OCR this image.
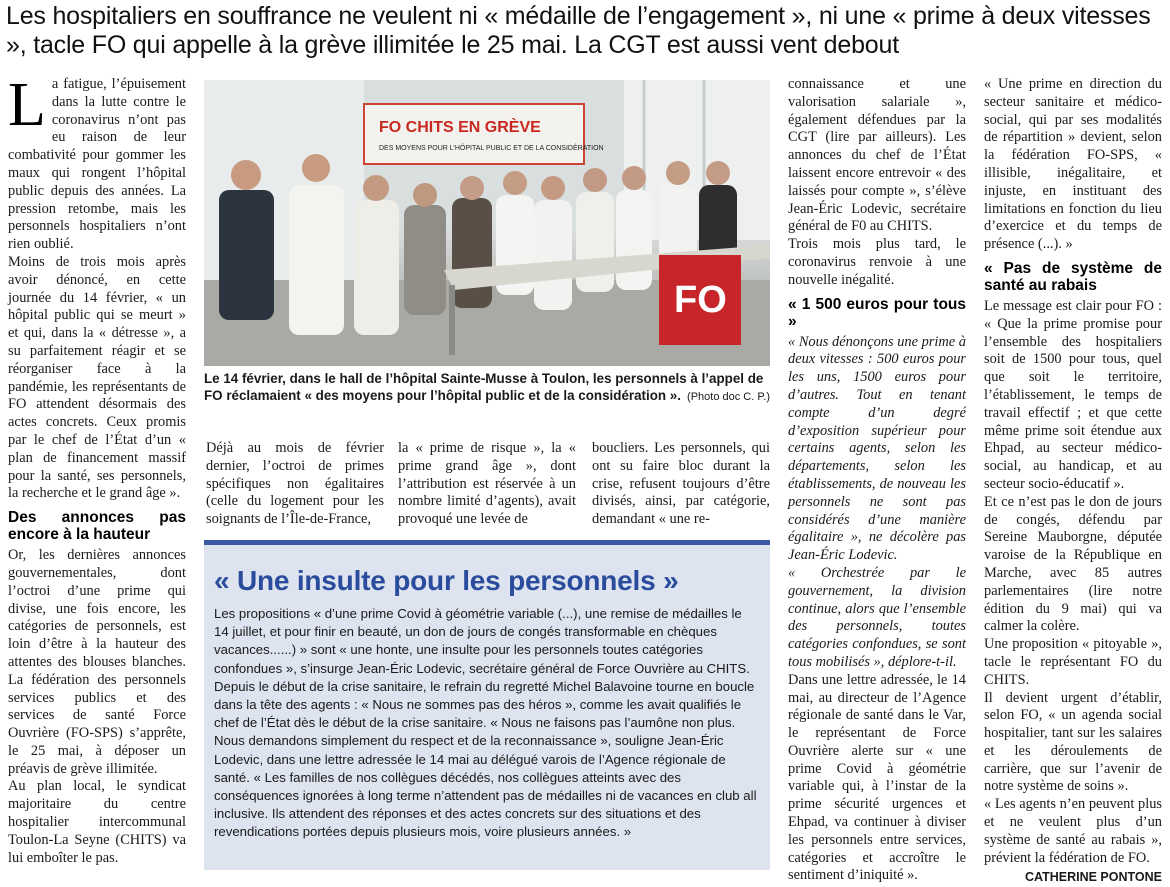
Les hospitaliers en souffrance ne veulent ni « médaille de l’engagement », ni une « prime à deux vitesses », tacle FO qui appelle à la grève illimitée le 25 mai. La CGT est aussi vent debout

La fatigue, l’épuisement dans la lutte contre le coronavirus n’ont pas eu raison de leur combativité pour gommer les maux qui rongent l’hôpital public depuis des années. La pression retombe, mais les personnels hospitaliers n’ont rien oublié.

Moins de trois mois après avoir dénoncé, en cette journée du 14 février, « un hôpital public qui se meurt » et qui, dans la « détresse », a su parfaitement réagir et se réorganiser face à la pandémie, les représentants de FO attendent désormais des actes concrets. Ceux promis par le chef de l’État d’un « plan de financement massif pour la santé, ses personnels, la recherche et le grand âge ».

Des annonces pas encore à la hauteur

Or, les dernières annonces gouvernementales, dont l’octroi d’une prime qui divise, une fois encore, les catégories de personnels, est loin d’être à la hauteur des attentes des blouses blanches. La fédération des personnels services publics et des services de santé Force Ouvrière (FO-SPS) s’apprête, le 25 mai, à déposer un préavis de grève illimitée.

Au plan local, le syndicat majoritaire du centre hospitalier intercommunal Toulon-La Seyne (CHITS) va lui emboîter le pas.

FO CHITS EN GRÈVE
DES MOYENS POUR L’HÔPITAL PUBLIC ET DE LA CONSIDÉRATION
FO
Le 14 février, dans le hall de l’hôpital Sainte-Musse à Toulon, les personnels à l’appel de FO réclamaient « des moyens pour l’hôpital public et de la considération ». (Photo doc C. P.)
Déjà au mois de février dernier, l’octroi de primes spécifiques non égalitaires (celle du logement pour les soignants de l’Île-de-France,
la « prime de risque », la « prime grand âge », dont l’attribution est réservée à un nombre limité d’agents), avait provoqué une levée de
boucliers. Les personnels, qui ont su faire bloc durant la crise, refusent toujours d’être divisés, ainsi, par catégorie, demandant « une re-
« Une insulte pour les personnels »
Les propositions « d’une prime Covid à géométrie variable (...), une remise de médailles le 14 juillet, et pour finir en beauté, un don de jours de congés transformable en chèques vacances......) » sont « une honte, une insulte pour les personnels toutes catégories confondues », s’insurge Jean-Éric Lodevic, secrétaire général de Force Ouvrière au CHITS. Depuis le début de la crise sanitaire, le refrain du regretté Michel Balavoine tourne en boucle dans la tête des agents : « Nous ne sommes pas des héros », comme les avait qualifiés le chef de l’État dès le début de la crise sanitaire. « Nous ne faisons pas l’aumône non plus. Nous demandons simplement du respect et de la reconnaissance », souligne Jean-Éric Lodevic, dans une lettre adressée le 14 mai au délégué varois de l’Agence régionale de santé. « Les familles de nos collègues décédés, nos collègues atteints avec des conséquences ignorées à long terme n’attendent pas de médailles ni de vacances en club all inclusive. Ils attendent des réponses et des actes concrets sur des situations et des revendications portées depuis plusieurs mois, voire plusieurs années. »

connaissance et une valorisation salariale », également défendues par la CGT (lire par ailleurs). Les annonces du chef de l’État laissent encore entrevoir « des laissés pour compte », s’élève Jean-Éric Lodevic, secrétaire général de F0 au CHITS.

Trois mois plus tard, le coronavirus renvoie à une nouvelle inégalité.

« 1 500 euros pour tous »

« Nous dénonçons une prime à deux vitesses : 500 euros pour les uns, 1500 euros pour d’autres. Tout en tenant compte d’un degré d’exposition supérieur pour certains agents, selon les départements, selon les établissements, de nouveau les personnels ne sont pas considérés d’une manière égalitaire », ne décolère pas Jean-Éric Lodevic.

« Orchestrée par le gouvernement, la division continue, alors que l’ensemble des personnels, toutes catégories confondues, se sont tous mobilisés », déplore-t-il.

Dans une lettre adressée, le 14 mai, au directeur de l’Agence régionale de santé dans le Var, le représentant de Force Ouvrière alerte sur « une prime Covid à géométrie variable qui, à l’instar de la prime sécurité urgences et Ehpad, va continuer à diviser les personnels entre services, catégories et accroître le sentiment d’iniquité ».

« Une prime en direction du secteur sanitaire et médico-social, qui par ses modalités de répartition » devient, selon la fédération FO-SPS, « illisible, inégalitaire, et injuste, en instituant des limitations en fonction du lieu d’exercice et du temps de présence (...). »

« Pas de système de santé au rabais

Le message est clair pour FO : « Que la prime promise pour l’ensemble des hospitaliers soit de 1500 pour tous, quel que soit le territoire, l’établissement, le temps de travail effectif ; et que cette même prime soit étendue aux Ehpad, au secteur médico-social, au handicap, et au secteur socio-éducatif ».

Et ce n’est pas le don de jours de congés, défendu par Sereine Mauborgne, députée varoise de la République en Marche, avec 85 autres parlementaires (lire notre édition du 9 mai) qui va calmer la colère.

Une proposition « pitoyable », tacle le représentant FO du CHITS.

Il devient urgent d’établir, selon FO, « un agenda social hospitalier, tant sur les salaires et les déroulements de carrière, que sur l’avenir de notre système de soins ».

« Les agents n’en peuvent plus et ne veulent plus d’un système de santé au rabais », prévient la fédération de FO.

CATHERINE PONTONE
